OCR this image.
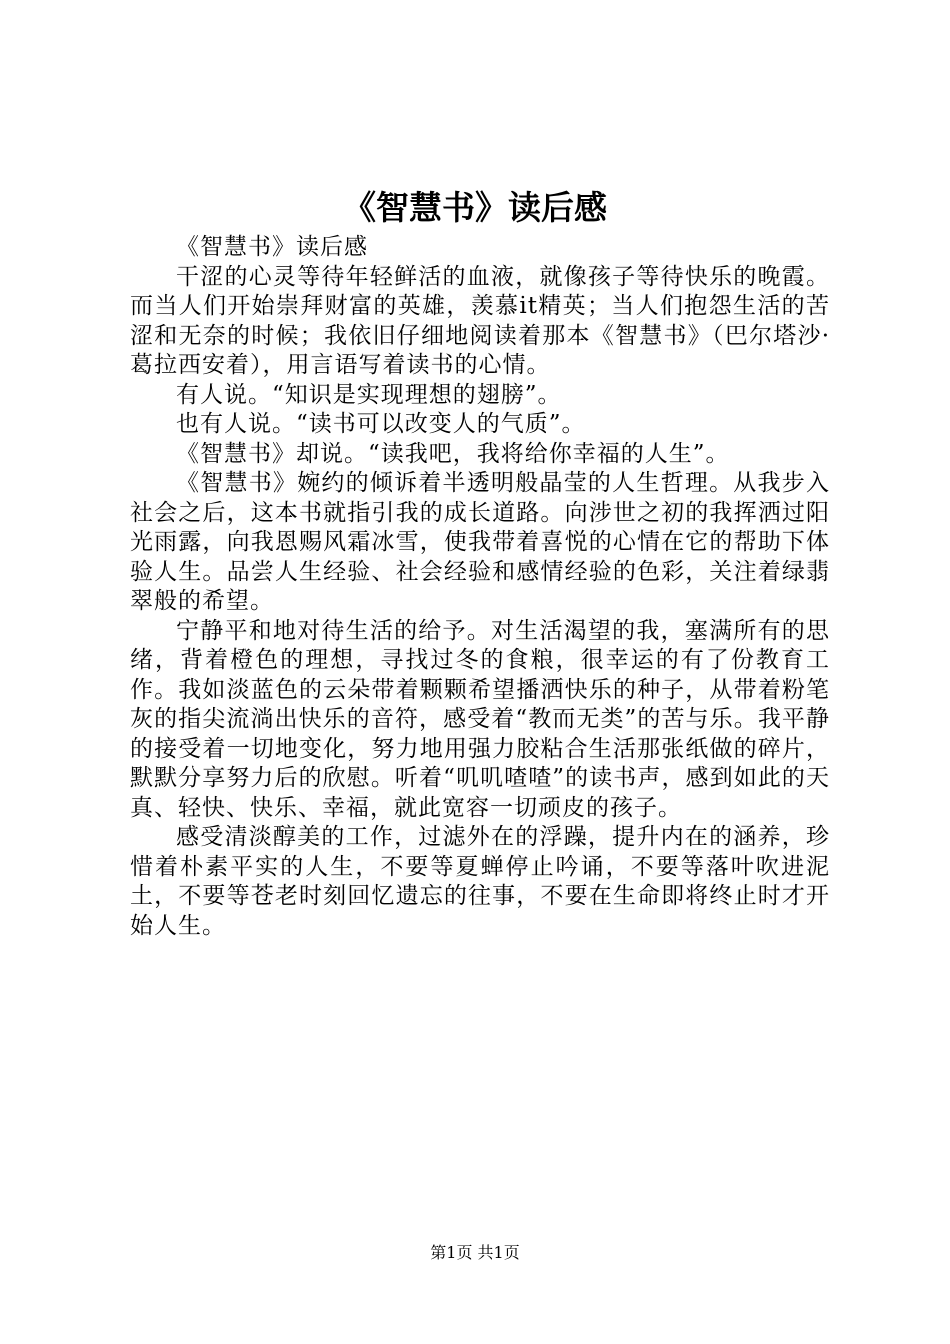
《智慧书》读后感

《智慧书》读后感

干涩的心灵等待年轻鲜活的血液，就像孩子等待快乐的晚霞。而当人们开始崇拜财富的英雄，羡慕it精英；当人们抱怨生活的苦涩和无奈的时候；我依旧仔细地阅读着那本《智慧书》（巴尔塔沙·葛拉西安着），用言语写着读书的心情。

有人说。“知识是实现理想的翅膀”。

也有人说。“读书可以改变人的气质”。

《智慧书》却说。“读我吧，我将给你幸福的人生”。

《智慧书》婉约的倾诉着半透明般晶莹的人生哲理。从我步入社会之后，这本书就指引我的成长道路。向涉世之初的我挥洒过阳光雨露，向我恩赐风霜冰雪，使我带着喜悦的心情在它的帮助下体验人生。品尝人生经验、社会经验和感情经验的色彩，关注着绿翡翠般的希望。

宁静平和地对待生活的给予。对生活渴望的我，塞满所有的思绪，背着橙色的理想，寻找过冬的食粮，很幸运的有了份教育工作。我如淡蓝色的云朵带着颗颗希望播洒快乐的种子，从带着粉笔灰的指尖流淌出快乐的音符，感受着“教而无类”的苦与乐。我平静的接受着一切地变化，努力地用强力胶粘合生活那张纸做的碎片，默默分享努力后的欣慰。听着“叽叽喳喳”的读书声，感到如此的天真、轻快、快乐、幸福，就此宽容一切顽皮的孩子。

感受清淡醇美的工作，过滤外在的浮躁，提升内在的涵养，珍惜着朴素平实的人生，不要等夏蝉停止吟诵，不要等落叶吹进泥土，不要等苍老时刻回忆遗忘的往事，不要在生命即将终止时才开始人生。

第1页 共1页
